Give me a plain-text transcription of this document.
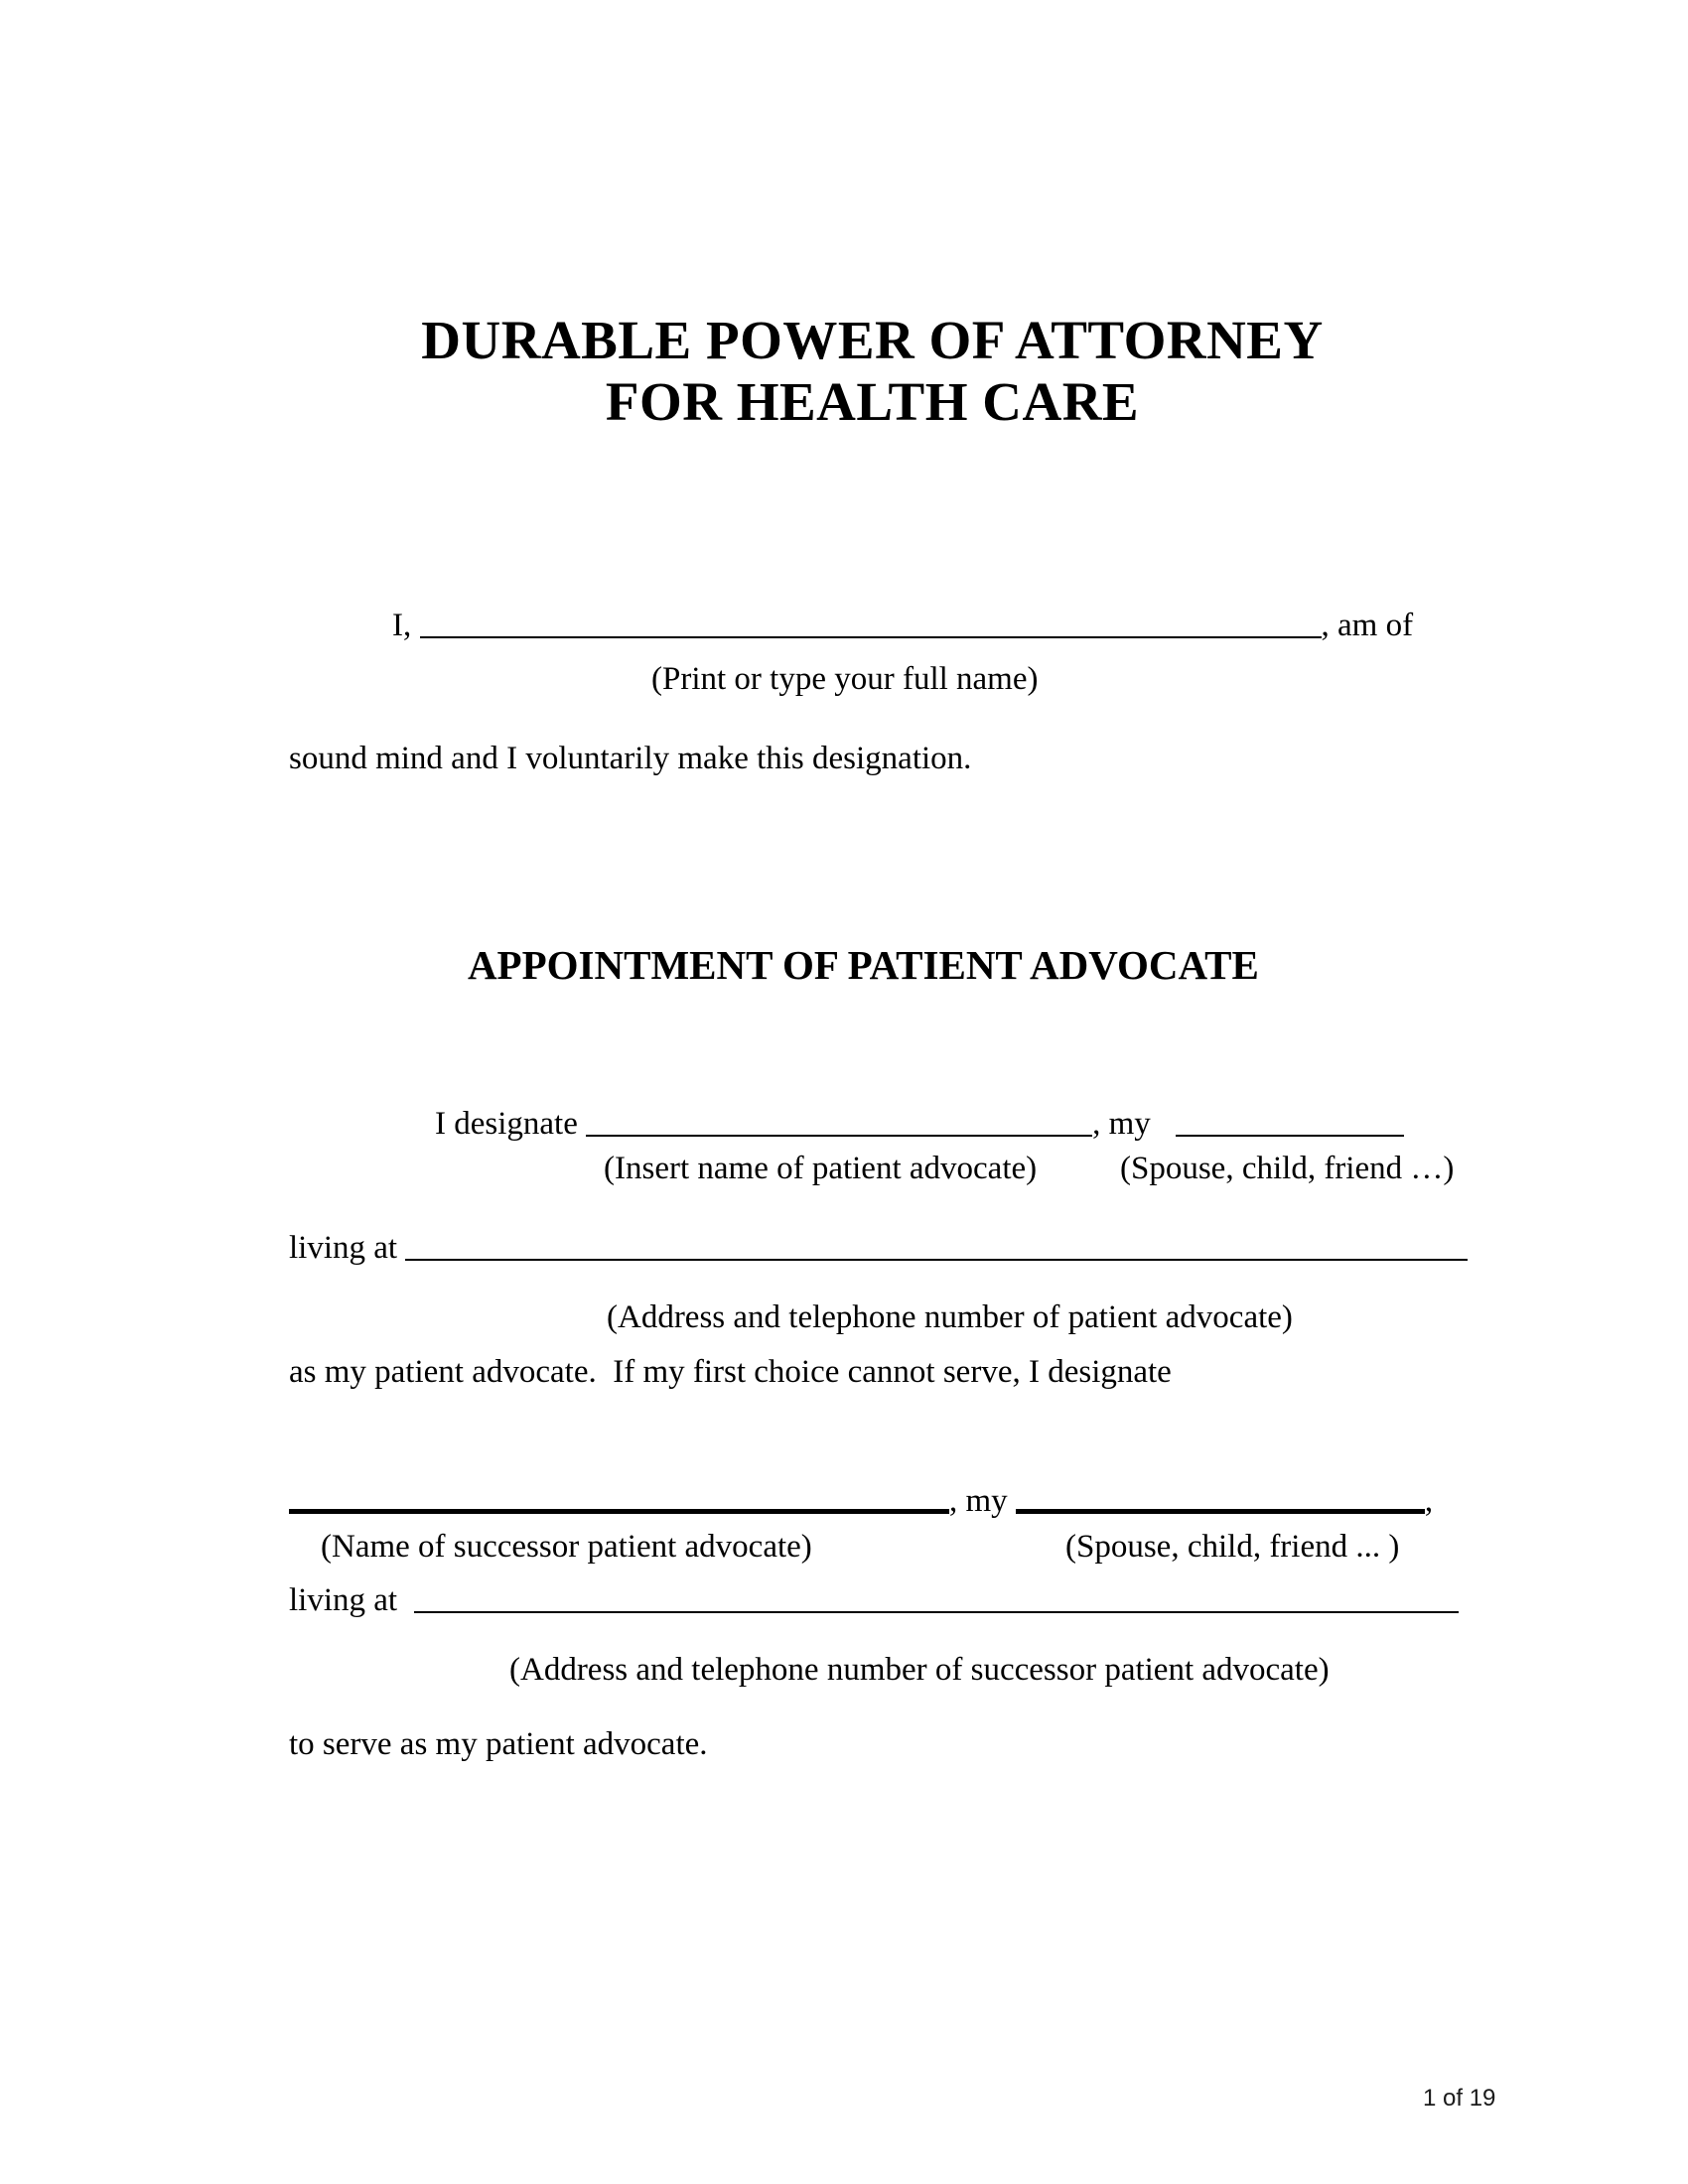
DURABLE POWER OF ATTORNEY

FOR HEALTH CARE

I,	, am of

(Print or type your full name)

sound mind and I voluntarily make this designation.

APPOINTMENT OF PATIENT ADVOCATE

I designate	, my

(Insert name of patient advocate)
	(Spouse, child, friend …)

living at

(Address and telephone number of patient advocate)

as my patient advocate.  If my first choice cannot serve, I designate

, my	,

(Name of successor patient advocate)
	(Spouse, child, friend ... )

living at

(Address and telephone number of successor patient advocate)

to serve as my patient advocate.

1 of 19
